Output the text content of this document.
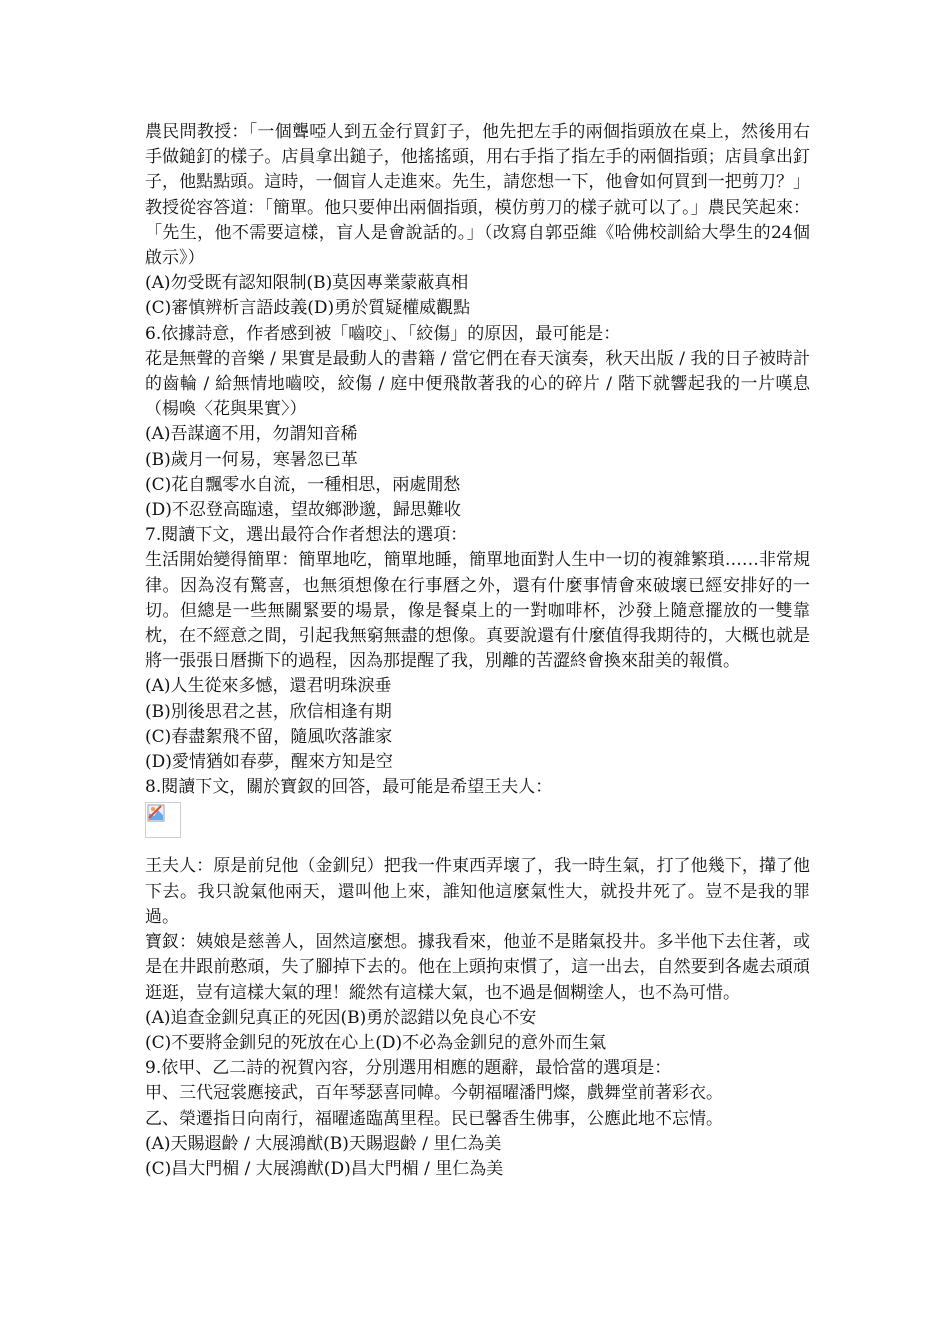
農民問教授：「一個聾啞人到五金行買釘子，他先把左手的兩個指頭放在桌上，然後用右手做鎚釘的樣子。店員拿出鎚子，他搖搖頭，用右手指了指左手的兩個指頭；店員拿出釘子，他點點頭。這時，一個盲人走進來。先生，請您想一下，他會如何買到一把剪刀？」教授從容答道：「簡單。他只要伸出兩個指頭，模仿剪刀的樣子就可以了。」農民笑起來：「先生，他不需要這樣，盲人是會說話的。」（改寫自郭亞維《哈佛校訓給大學生的24個啟示》）

(A)勿受既有認知限制(B)莫因專業蒙蔽真相

(C)審慎辨析言語歧義(D)勇於質疑權威觀點

6.依據詩意，作者感到被「嚙咬」、「絞傷」的原因，最可能是：

花是無聲的音樂 / 果實是最動人的書籍 / 當它們在春天演奏，秋天出版 / 我的日子被時計的齒輪 / 給無情地嚙咬，絞傷 / 庭中便飛散著我的心的碎片 / 階下就響起我的一片嘆息（楊喚〈花與果實〉）

(A)吾謀適不用，勿謂知音稀

(B)歲月一何易，寒暑忽已革

(C)花自飄零水自流，一種相思，兩處閒愁

(D)不忍登高臨遠，望故鄉渺邈，歸思難收

7.閱讀下文，選出最符合作者想法的選項：

生活開始變得簡單：簡單地吃，簡單地睡，簡單地面對人生中一切的複雜繁瑣……非常規律。因為沒有驚喜，也無須想像在行事曆之外，還有什麼事情會來破壞已經安排好的一切。但總是一些無關緊要的場景，像是餐桌上的一對咖啡杯，沙發上隨意擺放的一雙靠枕，在不經意之間，引起我無窮無盡的想像。真要說還有什麼值得我期待的，大概也就是將一張張日曆撕下的過程，因為那提醒了我，別離的苦澀終會換來甜美的報償。

(A)人生從來多憾，還君明珠淚垂

(B)別後思君之甚，欣信相逢有期

(C)春盡絮飛不留，隨風吹落誰家

(D)愛情猶如春夢，醒來方知是空

8.閱讀下文，關於寶釵的回答，最可能是希望王夫人：

王夫人：原是前兒他（金釧兒）把我一件東西弄壞了，我一時生氣，打了他幾下，攆了他下去。我只說氣他兩天，還叫他上來，誰知他這麼氣性大，就投井死了。豈不是我的罪過。

寶釵：姨娘是慈善人，固然這麼想。據我看來，他並不是賭氣投井。多半他下去住著，或是在井跟前憨頑，失了腳掉下去的。他在上頭拘束慣了，這一出去，自然要到各處去頑頑逛逛，豈有這樣大氣的理！縱然有這樣大氣，也不過是個糊塗人，也不為可惜。

(A)追查金釧兒真正的死因(B)勇於認錯以免良心不安

(C)不要將金釧兒的死放在心上(D)不必為金釧兒的意外而生氣

9.依甲、乙二詩的祝賀內容，分別選用相應的題辭，最恰當的選項是：

甲、三代冠裳應接武，百年琴瑟喜同幃。今朝福曜潘門燦，戲舞堂前著彩衣。

乙、榮遷指日向南行，福曜遙臨萬里程。民已馨香生佛事，公應此地不忘情。

(A)天賜遐齡 / 大展鴻猷(B)天賜遐齡 / 里仁為美

(C)昌大門楣 / 大展鴻猷(D)昌大門楣 / 里仁為美
